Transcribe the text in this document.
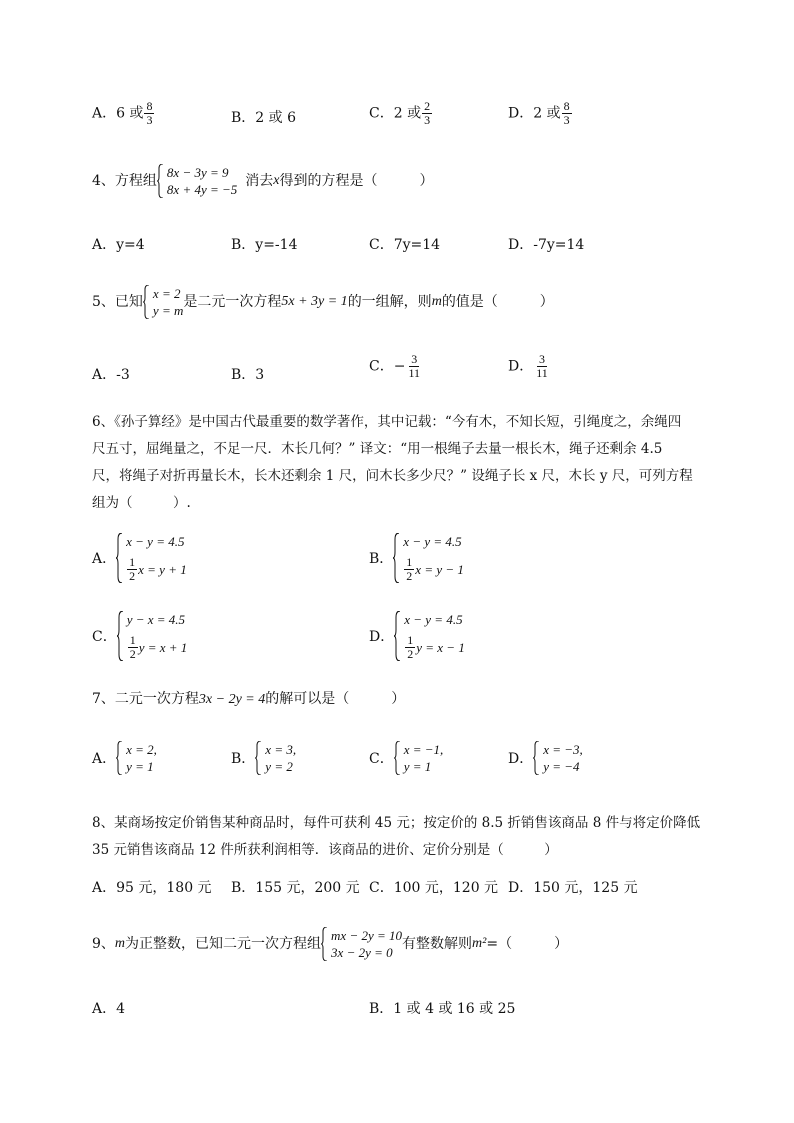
A．6 或 $\frac{8}{3}$	B．2 或 6	C．2 或 $\frac{2}{3}$	D．2 或 $\frac{8}{3}$
4、方程组
8x − 3y = 9
8x + 4y = −5
消去 x 得到的方程是（　　　）
A．y=4	B．y=-14	C．7y=14	D．-7y=14
5、已知
x = 2
y = m
是二元一次方程 5x + 3y = 1 的一组解，则 m 的值是（　　　）
A．-3	B．3
C．− $\frac{3}{11}$	D． $\frac{3}{11}$
6、《孙子算经》是中国古代最重要的数学著作，其中记载：“今有木，不知长短，引绳度之，余绳四
尺五寸，屈绳量之，不足一尺．木长几何？” 译文：“用一根绳子去量一根长木，绳子还剩余 4.5
尺，将绳子对折再量长木，长木还剩余 1 尺，问木长多少尺？” 设绳子长 x 尺，木长 y 尺，可列方程
组为（　　　）.
A．
x − y = 4.5
$\frac{1}{2}$ x = y + 1
B．
x − y = 4.5
$\frac{1}{2}$ x = y − 1
C．
y − x = 4.5
$\frac{1}{2}$ y = x + 1
D．
x − y = 4.5
$\frac{1}{2}$ y = x − 1
7、二元一次方程3x − 2y = 4的解可以是（　　　）
A．
x = 2,
y = 1	B．
x = 3,
y = 2	C．
x = −1,
y = 1	D．
x = −3,
y = −4
8、某商场按定价销售某种商品时，每件可获利 45 元；按定价的 8.5 折销售该商品 8 件与将定价降低
35 元销售该商品 12 件所获利润相等．该商品的进价、定价分别是（　　　）
A．95 元，180 元 B．155 元，200 元 C．100 元，120 元 D．150 元，125 元
9、 m 为正整数，已知二元一次方程组
mx − 2y = 10
3x − 2y = 0
有整数解则 m² =（　　　）
A．4	B．1 或 4 或 16 或 25
